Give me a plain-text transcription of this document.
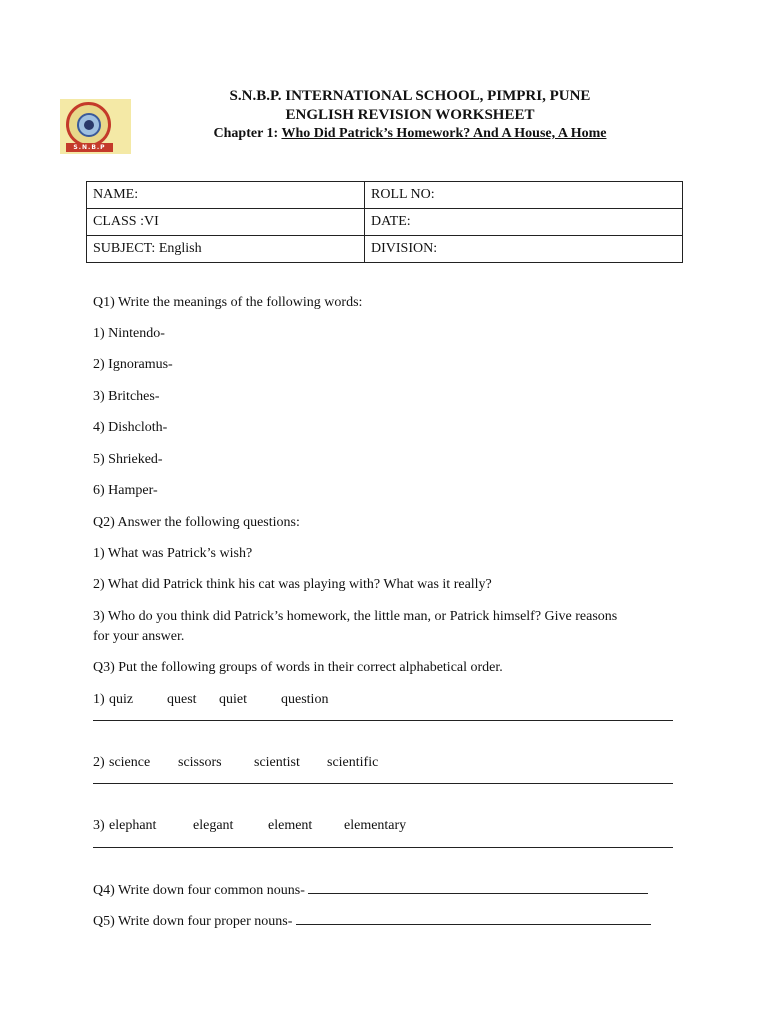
S.N.B.P
S.N.B.P. INTERNATIONAL SCHOOL, PIMPRI, PUNE
ENGLISH REVISION WORKSHEET
Chapter 1: Who Did Patrick’s Homework? And A House, A Home
NAME:	ROLL NO:
CLASS :VI	DATE:
SUBJECT: English	DIVISION:
Q1) Write the meanings of the following words:
1) Nintendo-
2) Ignoramus-
3) Britches-
4) Dishcloth-
5) Shrieked-
6) Hamper-
Q2) Answer the following questions:
1) What was Patrick’s wish?
2) What did Patrick think his cat was playing with? What was it really?
3) Who do you think did Patrick’s homework, the little man, or Patrick himself? Give reasons
for your answer.
Q3) Put the following groups of words in their correct alphabetical order.
1) quiz quest quiet question
2) science scissors scientist scientific
3) elephant	elegant element elementary
Q4) Write down four common nouns-
Q5) Write down four proper nouns-
